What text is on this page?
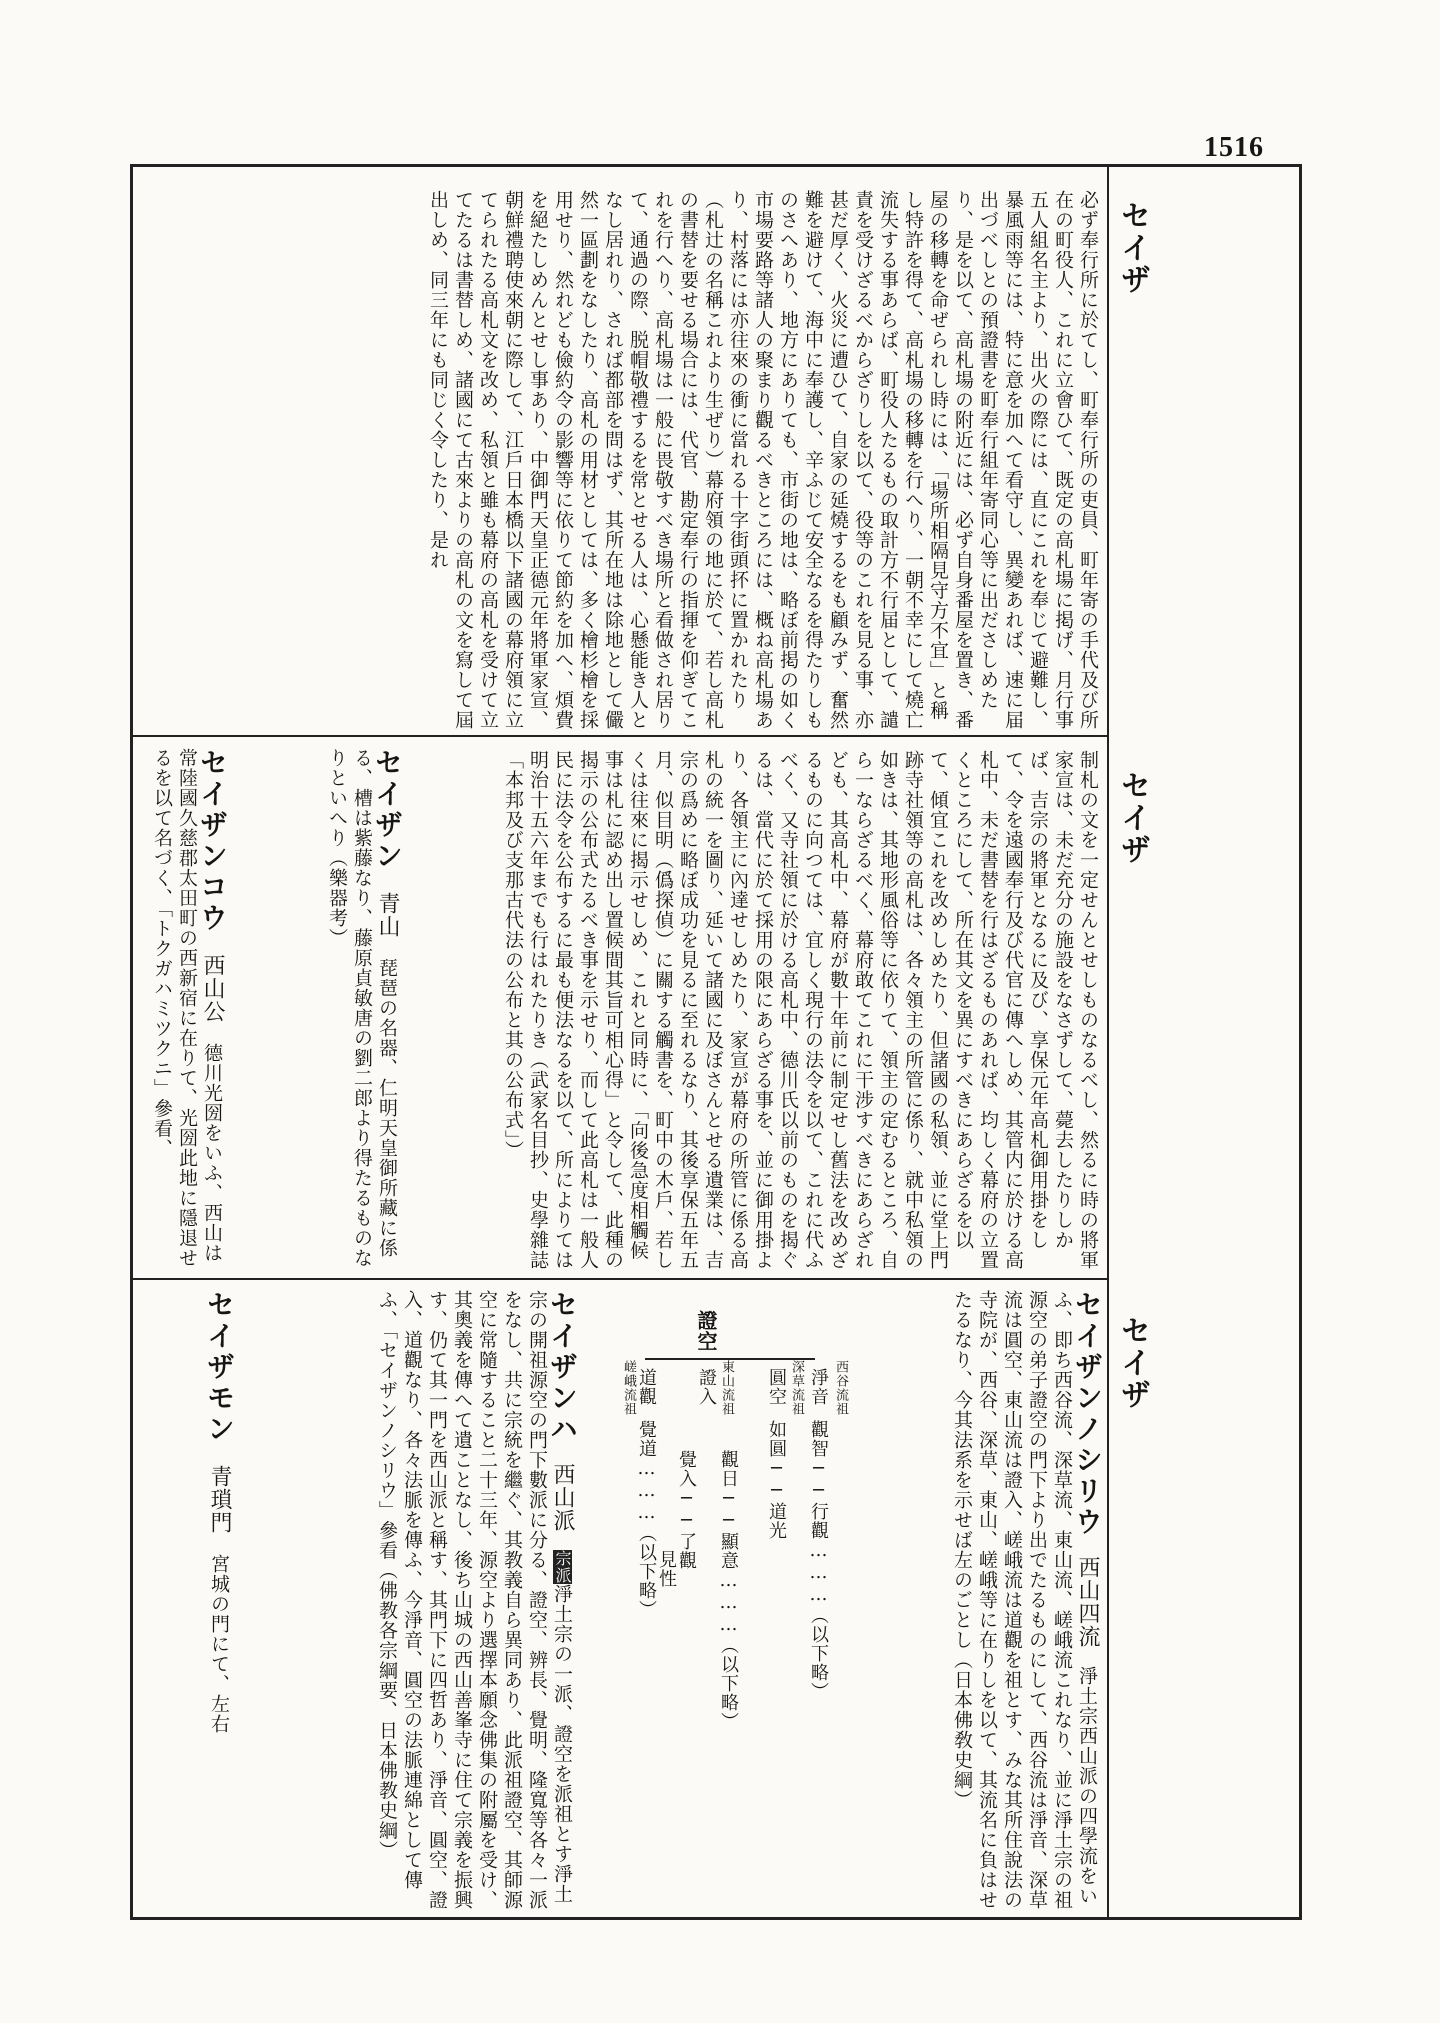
1516
セイザ
セイザ
セイザ
必ず奉行所に於てし、町奉行所の吏員、町年寄の手代及び所在の町役人、これに立會ひて、既定の高札場に掲げ、月行事五人組名主より、出火の際には、直にこれを奉じて避難し、暴風雨等には、特に意を加へて看守し、異變あれば、速に届出づべしとの預證書を町奉行組年寄同心等に出ださしめたり、是を以て、高札場の附近には、必ず自身番屋を置き、番屋の移轉を命ぜられし時には、「場所相隔見守方不宜」と稱し特許を得て、高札場の移轉を行へり、一朝不幸にして燒亡流失する事あらば、町役人たるもの取計方不行届として、譴責を受けざるべからざりしを以て、役等のこれを見る事、亦甚だ厚く、火災に遭ひて、自家の延燒するをも顧みず、奮然難を避けて、海中に奉護し、辛ふじて安全なるを得たりしものさへあり、地方にありても、市街の地は、略ぼ前掲の如く市場要路等諸人の聚まり觀るべきところには、概ね高札場あり、村落には亦往來の衝に當れる十字街頭抔に置かれたり（札辻の名稱これより生ぜり）幕府領の地に於て、若し高札の書替を要せる場合には、代官、勘定奉行の指揮を仰ぎてこれを行へり、高札場は一般に畏敬すべき場所と看做され居りて、通過の際、脱帽敬禮するを常とせる人は、心懸能き人となし居れり、されば都部を問はず、其所在地は除地として儼然一區劃をなしたり、高札の用材としては、多く檜杉檜を採用せり、然れども儉約令の影響等に依りて節約を加へ、煩費を絕たしめんとせし事あり、中御門天皇正德元年將軍家宣、朝鮮禮聘使來朝に際して、江戶日本橋以下諸國の幕府領に立てられたる高札文を改め、私領と雖も幕府の高札を受けて立てたるは書替しめ、諸國にて古來よりの高札の文を寫して屆出しめ、同三年にも同じく令したり、是れ
制札の文を一定せんとせしものなるべし、然るに時の將軍家宣は、未だ充分の施設をなさずして、薨去したりしかば、吉宗の將軍となるに及び、享保元年高札御用掛をして、令を遠國奉行及び代官に傳へしめ、其管内に於ける高札中、未だ書替を行はざるものあれば、均しく幕府の立置くところにして、所在其文を異にすべきにあらざるを以て、傾宜これを改めしめたり、但諸國の私領、並に堂上門跡寺社領等の高札は、各々領主の所管に係り、就中私領の如きは、其地形風俗等に依りて、領主の定むるところ、自ら一ならざるべく、幕府敢てこれに干涉すべきにあらざれども、其高札中、幕府が數十年前に制定せし舊法を改めざるものに向つては、宜しく現行の法令を以て、これに代ふべく、又寺社領に於ける高札中、德川氏以前のものを揭ぐるは、當代に於て採用の限にあらざる事を、並に御用掛より、各領主に內達せしめたり、家宣が幕府の所管に係る高札の統一を圖り、延いて諸國に及ぼさんとせる遺業は、吉宗の爲めに略ぼ成功を見るに至れるなり、其後享保五年五月、似目明（僞探偵）に關する觸書を、町中の木戶、若しくは往來に揭示せしめ、これと同時に、「向後急度相觸候事は札に認め出し置候間其旨可相心得」と令して、此種の揭示の公布式たるべき事を示せり、而して此高札は一般人民に法令を公布するに最も便法なるを以て、所によりては明治十五六年までも行はれたりき（武家名目抄、史學雜誌「本邦及び支那古代法の公布と其の公布式」）
セイザン青山琵琶の名器、仁明天皇御所藏に係る、槽は紫藤なり、藤原貞敏唐の劉二郎より得たるものなりといへり（樂器考）
セイザンコウ西山公德川光圀をいふ、西山は常陸國久慈郡太田町の西新宿に在りて、光圀此地に隱退せるを以て名づく、「トクガハミツクニ」參看、
セイザンノシリウ西山四流淨土宗西山派の四學流をいふ、即ち西谷流、深草流、東山流、嵯峨流これなり、並に淨土宗の祖源空の弟子證空の門下より出でたるものにして、西谷流は淨音、深草流は圓空、東山流は證入、嵯峨流は道觀を祖とす、みな其所住說法の寺院が、西谷、深草、東山、嵯峨等に在りしを以て、其流名に負はせたるなり、今其法系を示せば左のごとし（日本佛敎史綱）
證空
淨音 西谷流祖
觀智──行觀………（以下略）
圓空 深草流祖
如圓──道光
證入 東山流祖
觀日──顯意………（以下略）
覺入──了觀
見性
道觀
嵯峨流祖
覺道………（以下略）
セイザンハ西山派宗派淨土宗の一派、證空を派祖とす淨土宗の開祖源空の門下數派に分る、證空、辨長、覺明、隆寬等各々一派をなし、共に宗統を繼ぐ、其教義自ら異同あり、此派祖證空、其師源空に常隨すること二十三年、源空より選擇本願念佛集の附屬を受け、其奧義を傳へて遺ことなし、後ち山城の西山善峯寺に住て宗義を振興す、仍て其一門を西山派と稱す、其門下に四哲あり、淨音、圓空、證入、道觀なり、各々法脈を傳ふ、今淨音、圓空の法脈連綿として傳ふ、「セイザンノシリウ」參看（佛教各宗綱要、日本佛教史綱）
セイザモン青瑣門宮城の門にて、左右
